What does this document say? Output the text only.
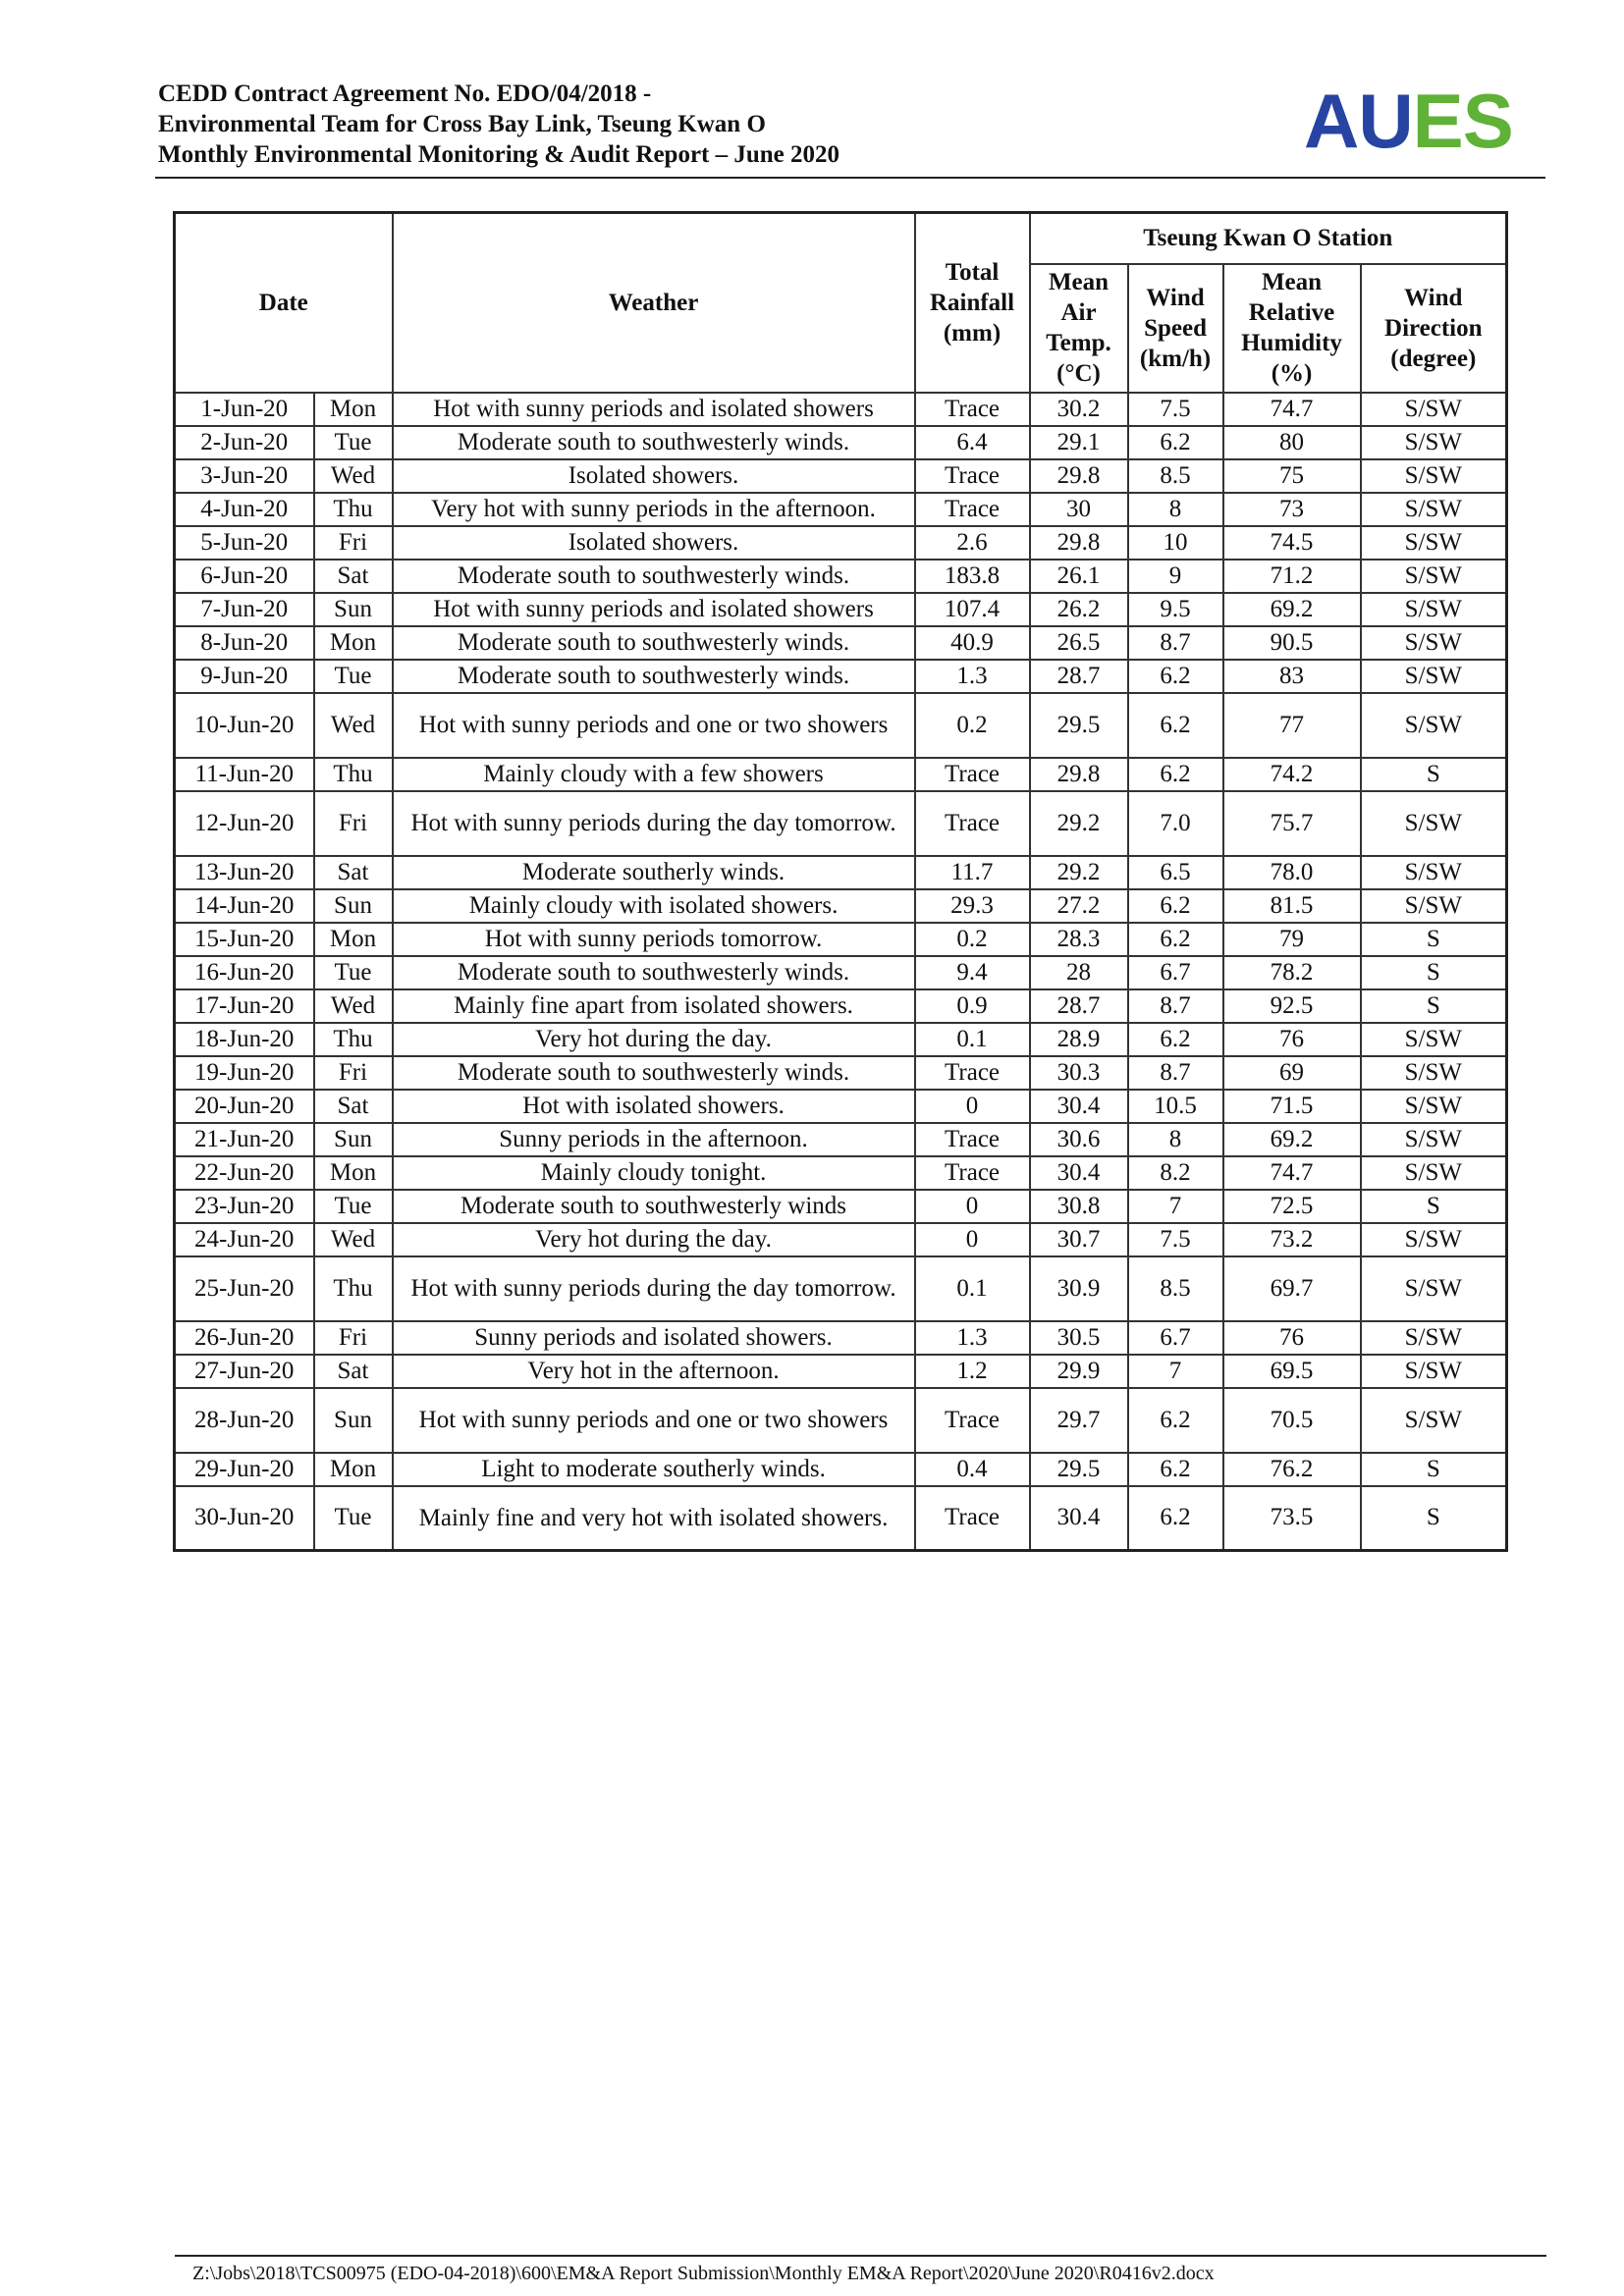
CEDD Contract Agreement No. EDO/04/2018 -
Environmental Team for Cross Bay Link, Tseung Kwan O
Monthly Environmental Monitoring & Audit Report – June 2020	AUES
Date		Weather	Total Rainfall (mm)	Tseung Kwan O Station			
				Mean Air Temp. (°C)	Wind Speed (km/h)	Mean Relative Humidity (%)	Wind Direction (degree)
1-Jun-20	Mon	Hot with sunny periods and isolated showers	Trace	30.2	7.5	74.7	S/SW
2-Jun-20	Tue	Moderate south to southwesterly winds.	6.4	29.1	6.2	80	S/SW
3-Jun-20	Wed	Isolated showers.	Trace	29.8	8.5	75	S/SW
4-Jun-20	Thu	Very hot with sunny periods in the afternoon.	Trace	30	8	73	S/SW
5-Jun-20	Fri	Isolated showers.	2.6	29.8	10	74.5	S/SW
6-Jun-20	Sat	Moderate south to southwesterly winds.	183.8	26.1	9	71.2	S/SW
7-Jun-20	Sun	Hot with sunny periods and isolated showers	107.4	26.2	9.5	69.2	S/SW
8-Jun-20	Mon	Moderate south to southwesterly winds.	40.9	26.5	8.7	90.5	S/SW
9-Jun-20	Tue	Moderate south to southwesterly winds.	1.3	28.7	6.2	83	S/SW
10-Jun-20	Wed	Hot with sunny periods and one or two showers	0.2	29.5	6.2	77	S/SW
11-Jun-20	Thu	Mainly cloudy with a few showers	Trace	29.8	6.2	74.2	S
12-Jun-20	Fri	Hot with sunny periods during the day tomorrow.	Trace	29.2	7.0	75.7	S/SW
13-Jun-20	Sat	Moderate southerly winds.	11.7	29.2	6.5	78.0	S/SW
14-Jun-20	Sun	Mainly cloudy with isolated showers.	29.3	27.2	6.2	81.5	S/SW
15-Jun-20	Mon	Hot with sunny periods tomorrow.	0.2	28.3	6.2	79	S
16-Jun-20	Tue	Moderate south to southwesterly winds.	9.4	28	6.7	78.2	S
17-Jun-20	Wed	Mainly fine apart from isolated showers.	0.9	28.7	8.7	92.5	S
18-Jun-20	Thu	Very hot during the day.	0.1	28.9	6.2	76	S/SW
19-Jun-20	Fri	Moderate south to southwesterly winds.	Trace	30.3	8.7	69	S/SW
20-Jun-20	Sat	Hot with isolated showers.	0	30.4	10.5	71.5	S/SW
21-Jun-20	Sun	Sunny periods in the afternoon.	Trace	30.6	8	69.2	S/SW
22-Jun-20	Mon	Mainly cloudy tonight.	Trace	30.4	8.2	74.7	S/SW
23-Jun-20	Tue	Moderate south to southwesterly winds	0	30.8	7	72.5	S
24-Jun-20	Wed	Very hot during the day.	0	30.7	7.5	73.2	S/SW
25-Jun-20	Thu	Hot with sunny periods during the day tomorrow.	0.1	30.9	8.5	69.7	S/SW
26-Jun-20	Fri	Sunny periods and isolated showers.	1.3	30.5	6.7	76	S/SW
27-Jun-20	Sat	Very hot in the afternoon.	1.2	29.9	7	69.5	S/SW
28-Jun-20	Sun	Hot with sunny periods and one or two showers	Trace	29.7	6.2	70.5	S/SW
29-Jun-20	Mon	Light to moderate southerly winds.	0.4	29.5	6.2	76.2	S
30-Jun-20	Tue	Mainly fine and very hot with isolated showers.	Trace	30.4	6.2	73.5	S
Z:\Jobs\2018\TCS00975 (EDO-04-2018)\600\EM&A Report Submission\Monthly EM&A Report\2020\June 2020\R0416v2.docx
